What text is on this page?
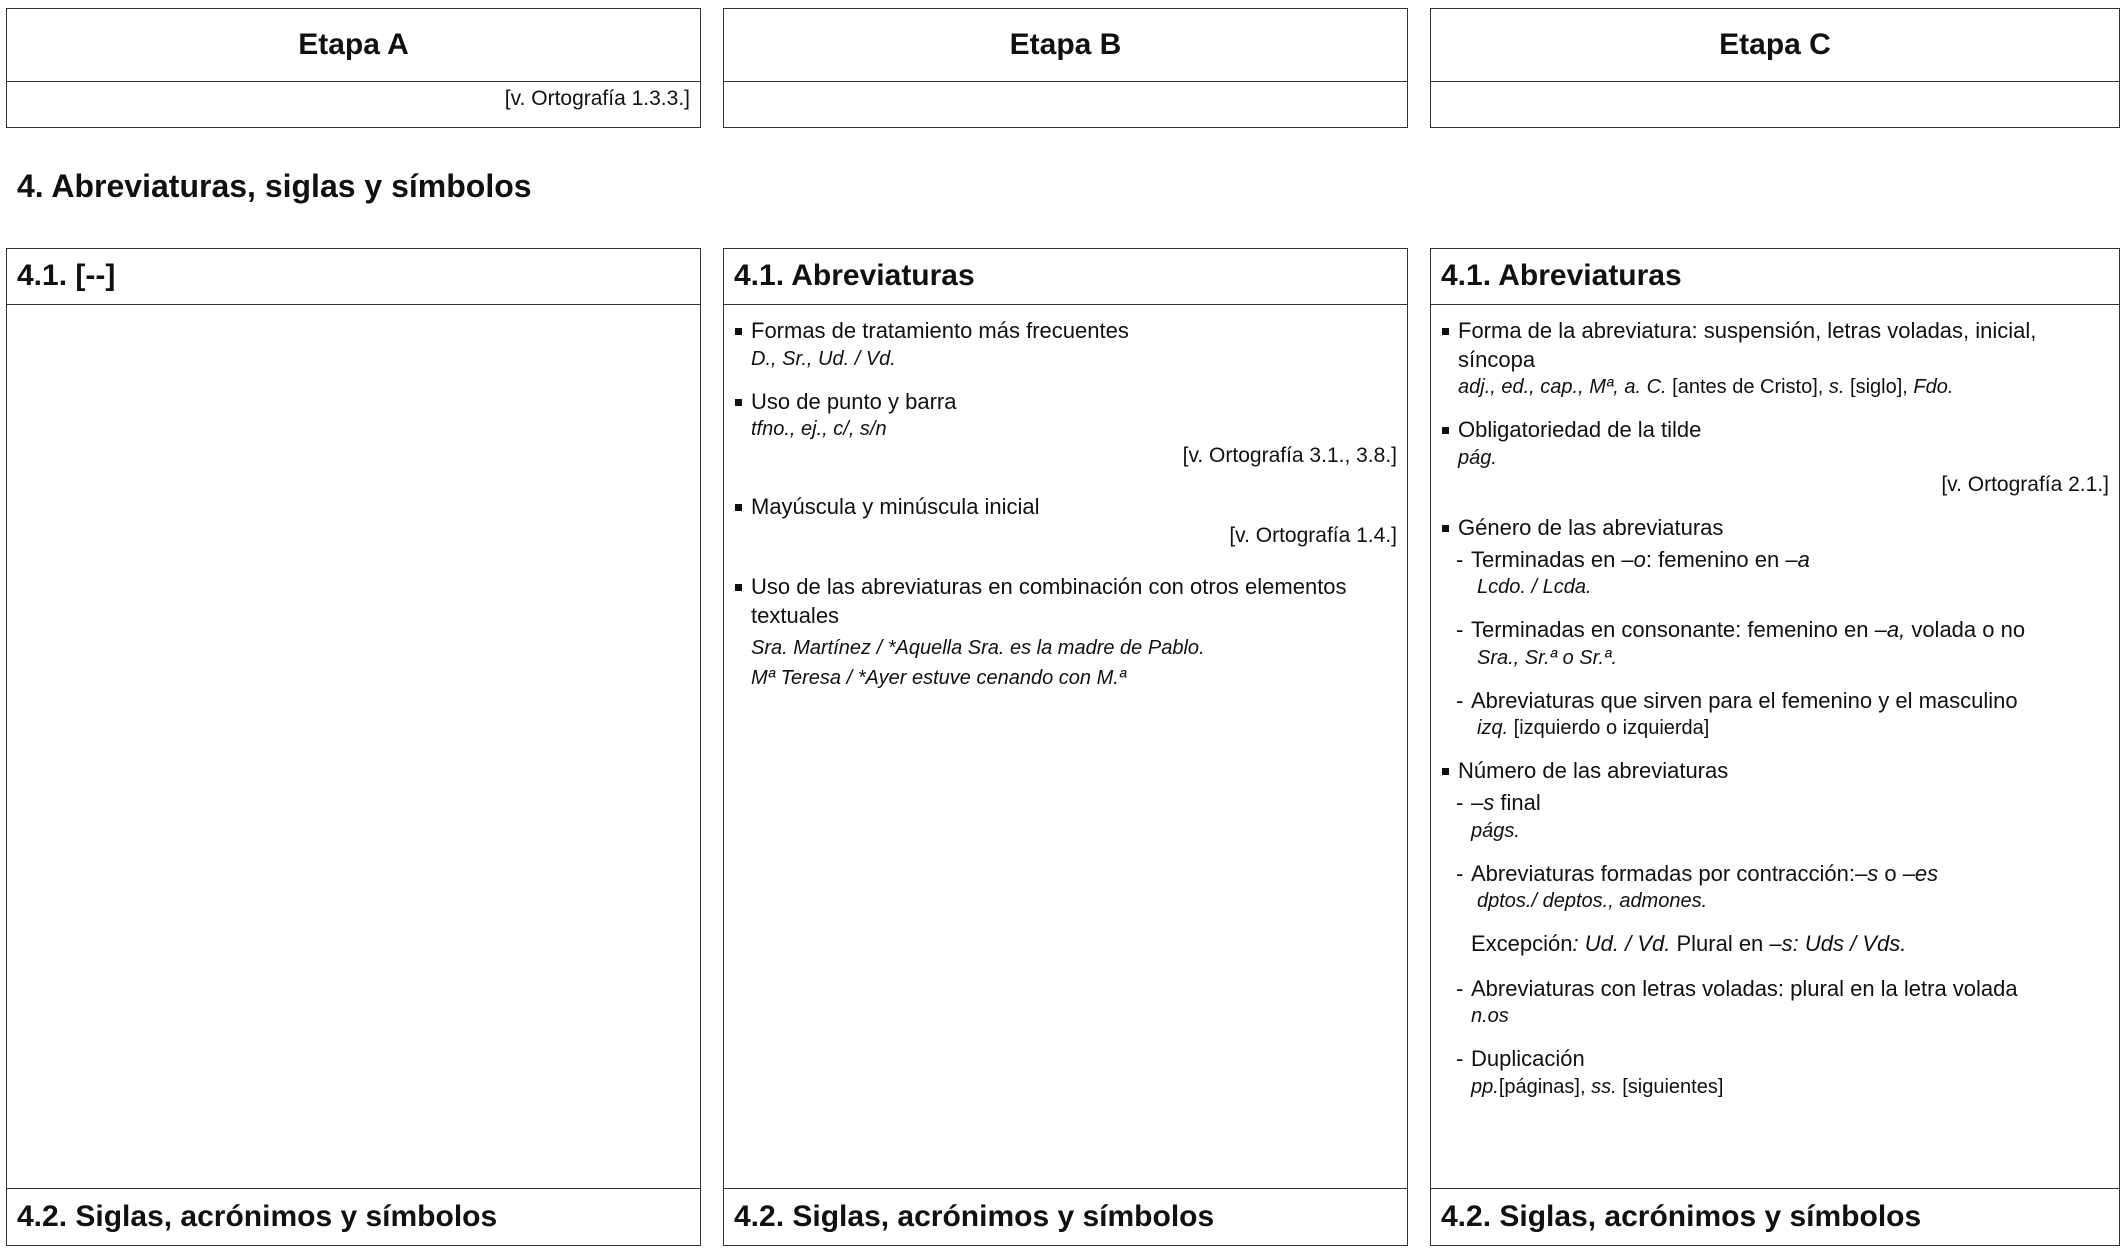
Etapa A
[v. Ortografía 1.3.3.]
Etapa B	Etapa C
4. Abreviaturas, siglas y símbolos
4.1. [--]
4.2. Siglas, acrónimos y símbolos
4.1. Abreviaturas
Formas de tratamiento más frecuentes
D., Sr., Ud. / Vd.
Uso de punto y barra
tfno., ej., c/, s/n
[v. Ortografía 3.1., 3.8.]
Mayúscula y minúscula inicial
[v. Ortografía 1.4.]
Uso de las abreviaturas en combinación con otros elementos textuales
Sra. Martínez / *Aquella Sra. es la madre de Pablo.
Mª Teresa / *Ayer estuve cenando con M.ª
4.2. Siglas, acrónimos y símbolos
4.1. Abreviaturas
Forma de la abreviatura: suspensión, letras voladas, inicial, síncopa
adj., ed., cap., Mª, a. C. [antes de Cristo], s. [siglo], Fdo.
Obligatoriedad de la tilde
pág.
[v. Ortografía 2.1.]
Género de las abreviaturas
- Terminadas en –o: femenino en –a
Lcdo. / Lcda.
- Terminadas en consonante: femenino en –a, volada o no
Sra., Sr.ª o Sr.ª.
- Abreviaturas que sirven para el femenino y el masculino
izq. [izquierdo o izquierda]
Número de las abreviaturas
- –s final
págs.
- Abreviaturas formadas por contracción:–s o –es
dptos./ deptos., admones.
Excepción: Ud. / Vd. Plural en –s: Uds / Vds.
- Abreviaturas con letras voladas: plural en la letra volada
n.os
- Duplicación
pp.[páginas], ss. [siguientes]
4.2. Siglas, acrónimos y símbolos
